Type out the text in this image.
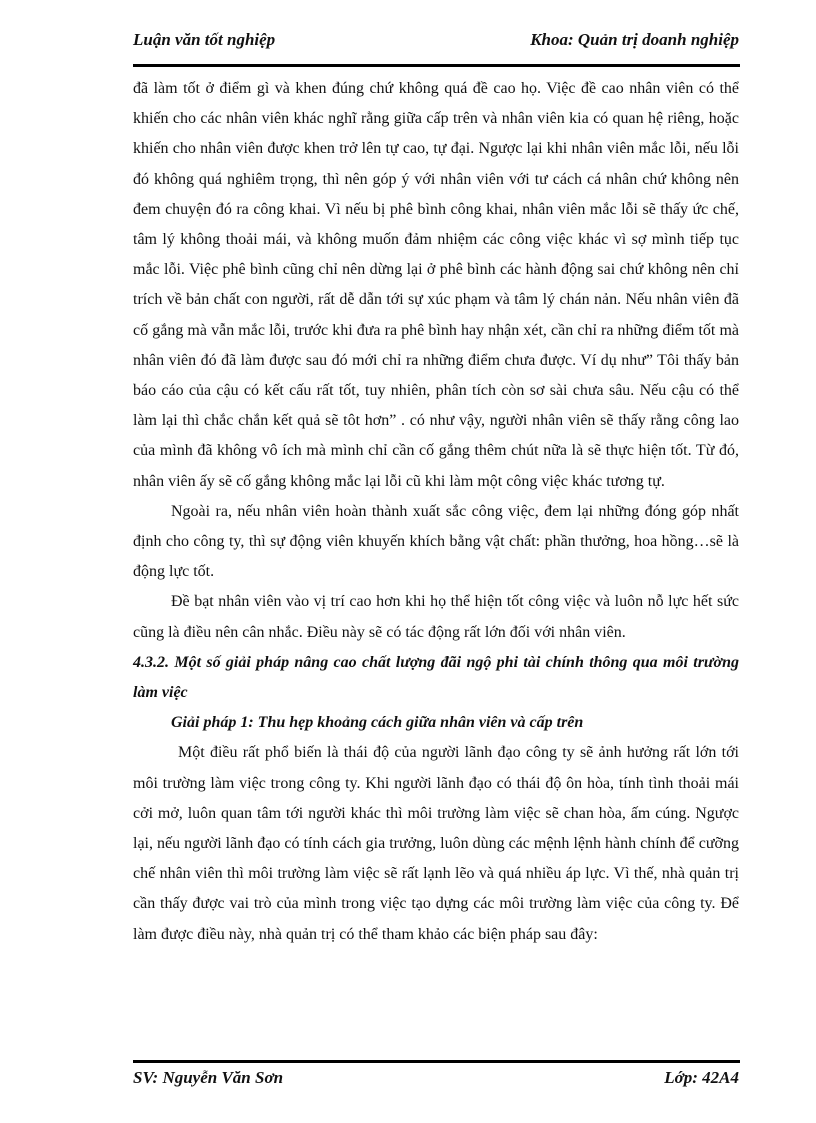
Luận văn tốt nghiệp	Khoa: Quản trị doanh nghiệp

đã làm tốt ở điểm gì và khen đúng chứ không quá đề cao họ. Việc đề cao nhân viên có thể khiến cho các nhân viên khác nghĩ rằng giữa cấp trên và nhân viên kia có quan hệ riêng, hoặc khiến cho nhân viên được khen trở lên tự cao, tự đại. Ngược lại khi nhân viên mắc lỗi, nếu lỗi đó không quá nghiêm trọng, thì nên góp ý với nhân viên với tư cách cá nhân chứ không nên đem chuyện đó ra công khai. Vì nếu bị phê bình công khai, nhân viên mắc lỗi sẽ thấy ức chế, tâm lý không thoải mái, và không muốn đảm nhiệm các công việc khác vì sợ mình tiếp tục mắc lỗi. Việc phê bình cũng chỉ nên dừng lại ở phê bình các hành động sai chứ không nên chỉ trích về bản chất con người, rất dễ dẫn tới sự xúc phạm và tâm lý chán nản. Nếu nhân viên đã cố gắng mà vẫn mắc lỗi, trước khi đưa ra phê bình hay nhận xét, cần chỉ ra những điểm tốt mà nhân viên đó đã làm được sau đó mới chỉ ra những điểm chưa được. Ví dụ như” Tôi thấy bản báo cáo của cậu có kết cấu rất tốt, tuy nhiên, phân tích còn sơ sài chưa sâu. Nếu cậu có thể làm lại thì chắc chắn kết quả sẽ tôt hơn” . có như vậy, người nhân viên sẽ thấy rằng công lao của mình đã không vô ích mà mình chỉ cần cố gắng thêm chút nữa là sẽ thực hiện tốt. Từ đó, nhân viên ấy sẽ cố gắng không mắc lại lỗi cũ khi làm một công việc khác tương tự.

Ngoài ra, nếu nhân viên hoàn thành xuất sắc công việc, đem lại những đóng góp nhất định cho công ty, thì sự động viên khuyến khích bằng vật chất: phần thưởng, hoa hồng…sẽ là động lực tốt.

Đề bạt nhân viên vào vị trí cao hơn khi họ thể hiện tốt công việc và luôn nỗ lực hết sức cũng là điều nên cân nhắc. Điều này sẽ có tác động rất lớn đối với nhân viên.

4.3.2. Một số giải pháp nâng cao chất lượng đãi ngộ phi tài chính thông qua môi trường làm việc
Giải pháp 1: Thu hẹp khoảng cách giữa nhân viên và cấp trên

Một điều rất phổ biến là thái độ của người lãnh đạo công ty sẽ ảnh hưởng rất lớn tới môi trường làm việc trong công ty. Khi người lãnh đạo có thái độ ôn hòa, tính tình thoải mái cởi mở, luôn quan tâm tới người khác thì môi trường làm việc sẽ chan hòa, ấm cúng. Ngược lại, nếu người lãnh đạo có tính cách gia trưởng, luôn dùng các mệnh lệnh hành chính để cưỡng chế nhân viên thì môi trường làm việc sẽ rất lạnh lẽo và quá nhiều áp lực. Vì thế, nhà quản trị cần thấy được vai trò của mình trong việc tạo dựng các môi trường làm việc của công ty. Để làm được điều này, nhà quản trị có thể tham khảo các biện pháp sau đây:

SV: Nguyễn Văn Sơn	Lớp: 42A4
